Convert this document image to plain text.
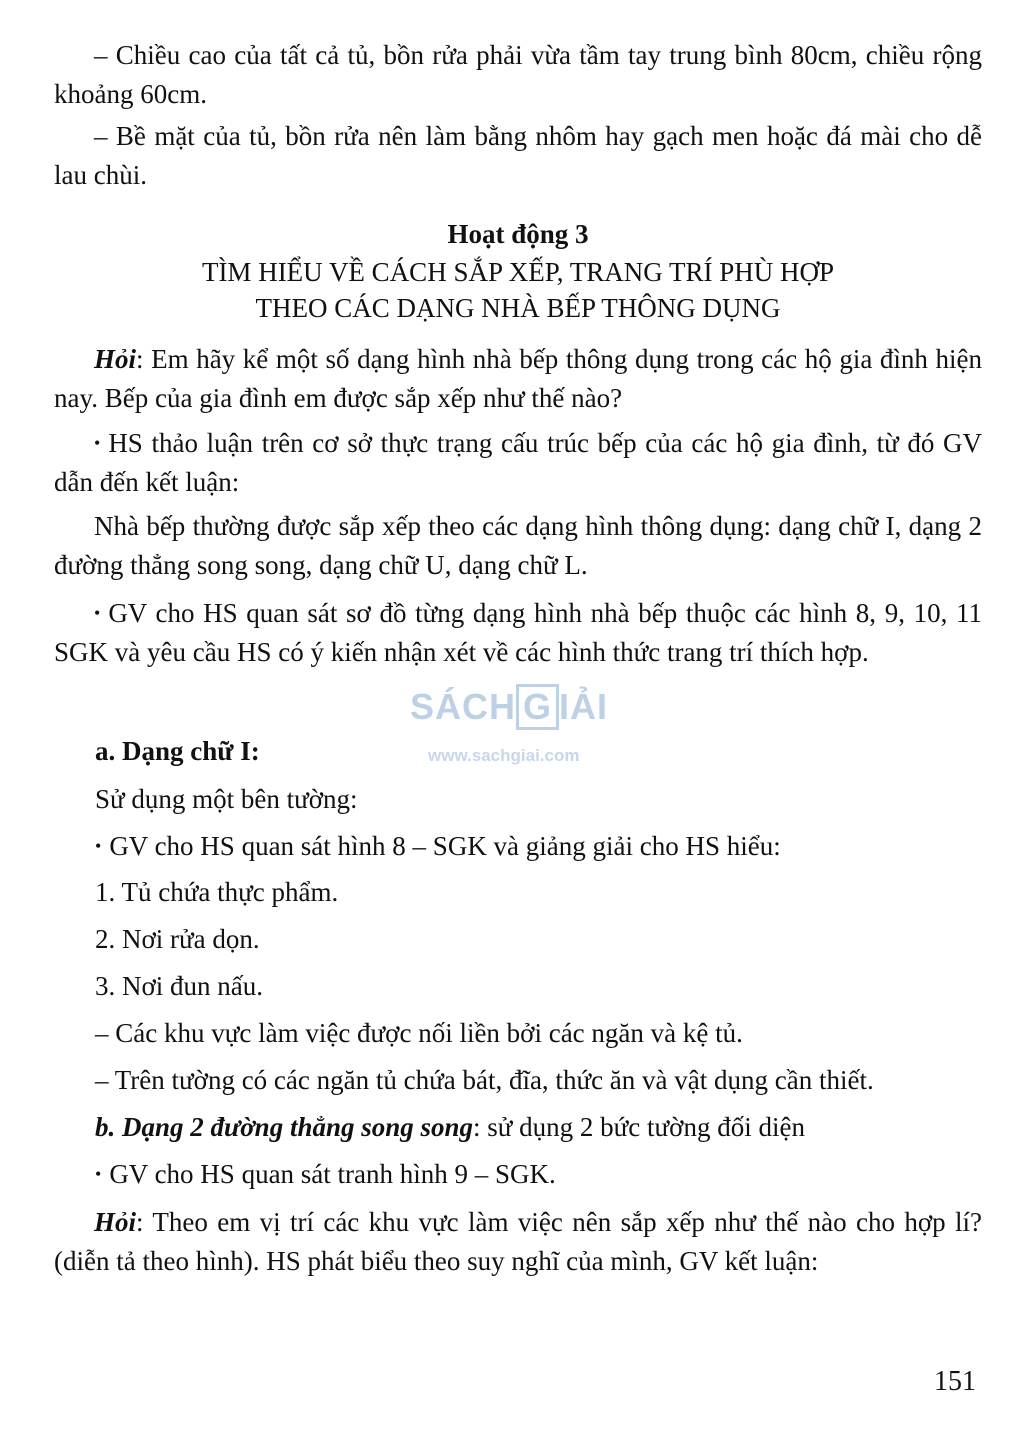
– Chiều cao của tất cả tủ, bồn rửa phải vừa tầm tay trung bình 80cm, chiều rộng khoảng 60cm.

– Bề mặt của tủ, bồn rửa nên làm bằng nhôm hay gạch men hoặc đá mài cho dễ lau chùi.

Hoạt động 3

TÌM HIỂU VỀ CÁCH SẮP XẾP, TRANG TRÍ PHÙ HỢP

THEO CÁC DẠNG NHÀ BẾP THÔNG DỤNG

Hỏi: Em hãy kể một số dạng hình nhà bếp thông dụng trong các hộ gia đình hiện nay. Bếp của gia đình em được sắp xếp như thế nào?

• HS thảo luận trên cơ sở thực trạng cấu trúc bếp của các hộ gia đình, từ đó GV dẫn đến kết luận:

Nhà bếp thường được sắp xếp theo các dạng hình thông dụng: dạng chữ I, dạng 2 đường thẳng song song, dạng chữ U, dạng chữ L.

• GV cho HS quan sát sơ đồ từng dạng hình nhà bếp thuộc các hình 8, 9, 10, 11 SGK và yêu cầu HS có ý kiến nhận xét về các hình thức trang trí thích hợp.

SÁCH G IẢI
www.sachgiai.com

a. Dạng chữ I:

Sử dụng một bên tường:

• GV cho HS quan sát hình 8 – SGK và giảng giải cho HS hiểu:

1. Tủ chứa thực phẩm.

2. Nơi rửa dọn.

3. Nơi đun nấu.

– Các khu vực làm việc được nối liền bởi các ngăn và kệ tủ.

– Trên tường có các ngăn tủ chứa bát, đĩa, thức ăn và vật dụng cần thiết.

b. Dạng 2 đường thẳng song song: sử dụng 2 bức tường đối diện

• GV cho HS quan sát tranh hình 9 – SGK.

Hỏi: Theo em vị trí các khu vực làm việc nên sắp xếp như thế nào cho hợp lí? (diễn tả theo hình). HS phát biểu theo suy nghĩ của mình, GV kết luận:

151
